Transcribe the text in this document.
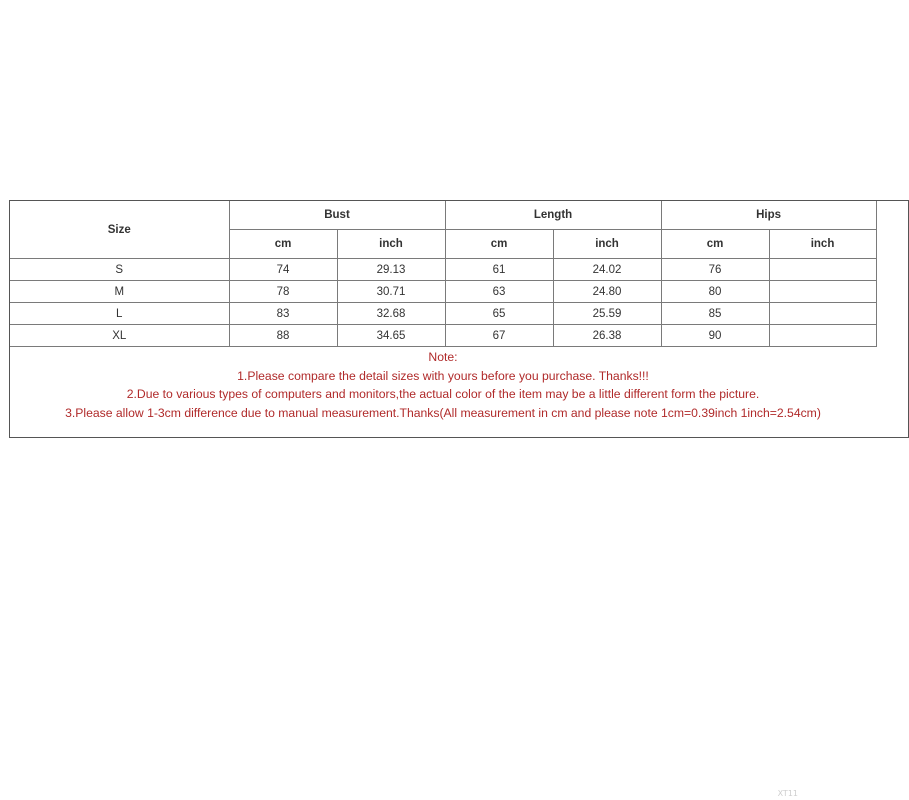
Size	Bust		Length		Hips	
	cm	inch	cm	inch	cm	inch
S	74	29.13	61	24.02	76	
M	78	30.71	63	24.80	80	
L	83	32.68	65	25.59	85	
XL	88	34.65	67	26.38	90	
Note:
1.Please compare the detail sizes with yours before you purchase. Thanks!!!
2.Due to various types of computers and monitors,the actual color of the item may be a little different form the picture.
3.Please allow 1-3cm difference due to manual measurement.Thanks(All measurement in cm and please note 1cm=0.39inch 1inch=2.54cm)
XT11
